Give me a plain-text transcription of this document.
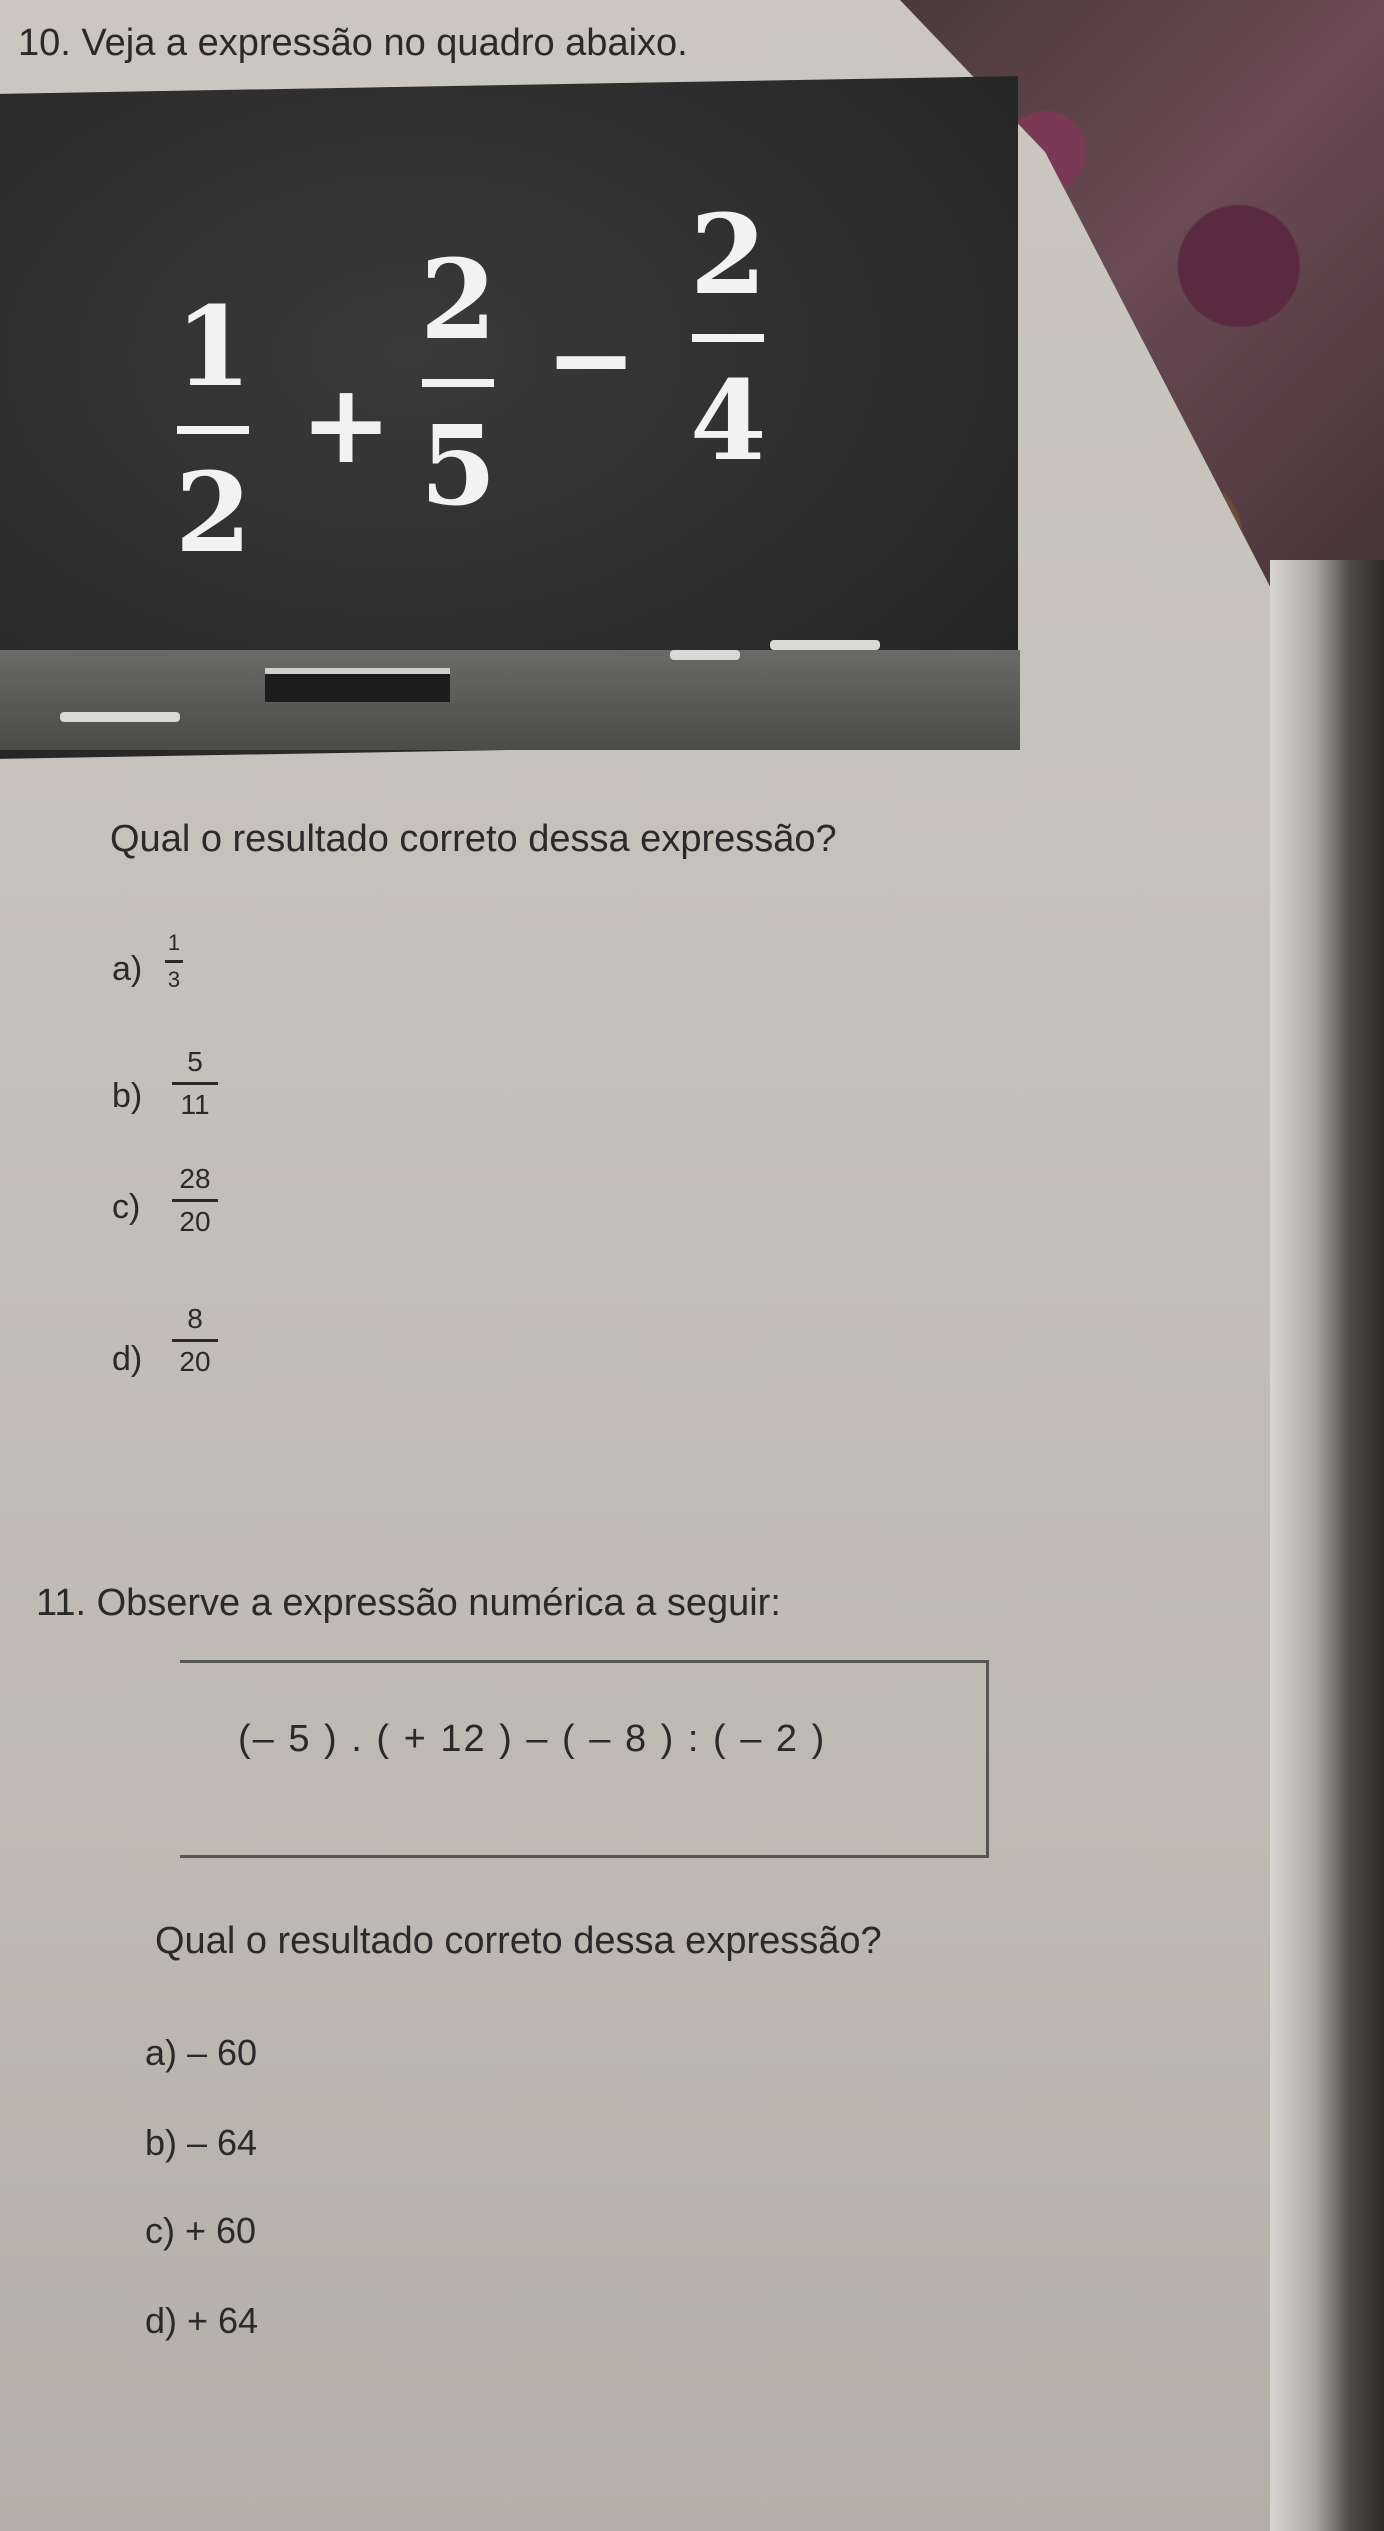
10. Veja a expressão no quadro abaixo.
1
2
+
2
5
−
2
4
Qual o resultado correto dessa expressão?
a)
1
3
b)
5
11
c)
28
20
d)
8
20
11. Observe a expressão numérica a seguir:
(– 5 ) . ( + 12 ) – ( – 8 ) : ( – 2 )
Qual o resultado correto dessa expressão?
a) – 60
b) – 64
c) + 60
d) + 64
